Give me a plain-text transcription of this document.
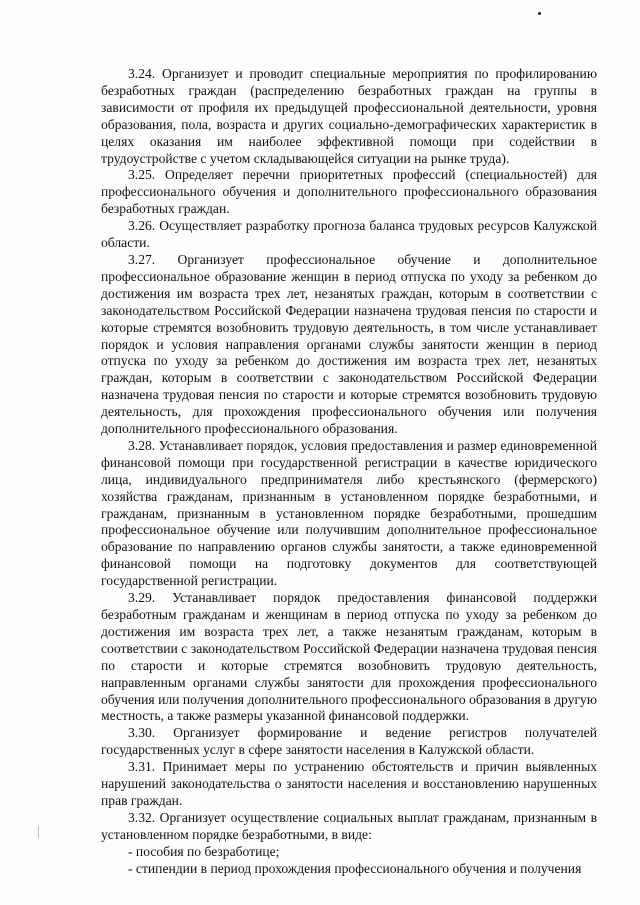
3.24. Организует и проводит специальные мероприятия по профилированию безработных граждан (распределению безработных граждан на группы в зависимости от профиля их предыдущей профессиональной деятельности, уровня образования, пола, возраста и других социально-демографических характеристик в целях оказания им наиболее эффективной помощи при содействии в трудоустройстве с учетом складывающейся ситуации на рынке труда).

3.25. Определяет перечни приоритетных профессий (специальностей) для профессионального обучения и дополнительного профессионального образования безработных граждан.

3.26. Осуществляет разработку прогноза баланса трудовых ресурсов Калужской области.

3.27. Организует профессиональное обучение и дополнительное профессиональное образование женщин в период отпуска по уходу за ребенком до достижения им возраста трех лет, незанятых граждан, которым в соответствии с законодательством Российской Федерации назначена трудовая пенсия по старости и которые стремятся возобновить трудовую деятельность, в том числе устанавливает порядок и условия направления органами службы занятости женщин в период отпуска по уходу за ребенком до достижения им возраста трех лет, незанятых граждан, которым в соответствии с законодательством Российской Федерации назначена трудовая пенсия по старости и которые стремятся возобновить трудовую деятельность, для прохождения профессионального обучения или получения дополнительного профессионального образования.

3.28. Устанавливает порядок, условия предоставления и размер единовременной финансовой помощи при государственной регистрации в качестве юридического лица, индивидуального предпринимателя либо крестьянского (фермерского) хозяйства гражданам, признанным в установленном порядке безработными, и гражданам, признанным в установленном порядке безработными, прошедшим профессиональное обучение или получившим дополнительное профессиональное образование по направлению органов службы занятости, а также единовременной финансовой помощи на подготовку документов для соответствующей государственной регистрации.

3.29. Устанавливает порядок предоставления финансовой поддержки безработным гражданам и женщинам в период отпуска по уходу за ребенком до достижения им возраста трех лет, а также незанятым гражданам, которым в соответствии с законодательством Российской Федерации назначена трудовая пенсия по старости и которые стремятся возобновить трудовую деятельность, направленным органами службы занятости для прохождения профессионального обучения или получения дополнительного профессионального образования в другую местность, а также размеры указанной финансовой поддержки.

3.30. Организует формирование и ведение регистров получателей государственных услуг в сфере занятости населения в Калужской области.

3.31. Принимает меры по устранению обстоятельств и причин выявленных нарушений законодательства о занятости населения и восстановлению нарушенных прав граждан.

3.32. Организует осуществление социальных выплат гражданам, признанным в установленном порядке безработными, в виде:

- пособия по безработице;

- стипендии в период прохождения профессионального обучения и получения
